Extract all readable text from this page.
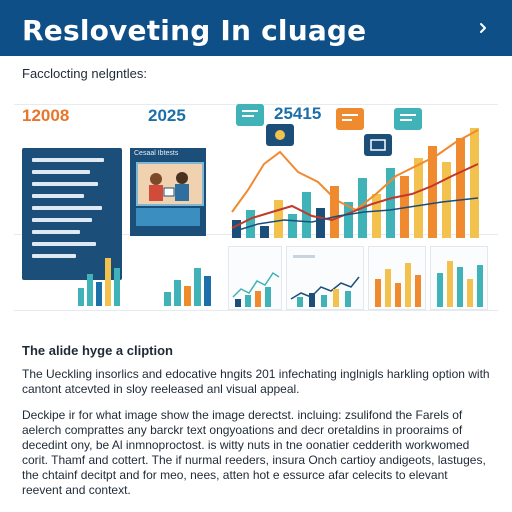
Resloveting In cluage
Facclocting nelgntles:
12008	2025	25415
Cesaal Ibtests
The alide hyge a cliption
The Ueckling insorlics and edocative hngits 201 infechating inglnigls harkling option with cantont atcevted in sloy reeleased anl visual appeal.
Deckipe ir for what image show the image derectst. incluing: zsulifond the Farels of aelerch comprattes any barckr text ongyoations and decr oretaldins in prooraims of decedint ony, be Al inmnoproctost. is witty nuts in tne oonatier cedderith workwomed corit. Thamf and cottert. The if nurmal reeders, insura Onch cartioy andigeots, lastuges, the chtainf decitpt and for meo, nees, atten hot e essurce afar celecits to elevant reevent and context.
